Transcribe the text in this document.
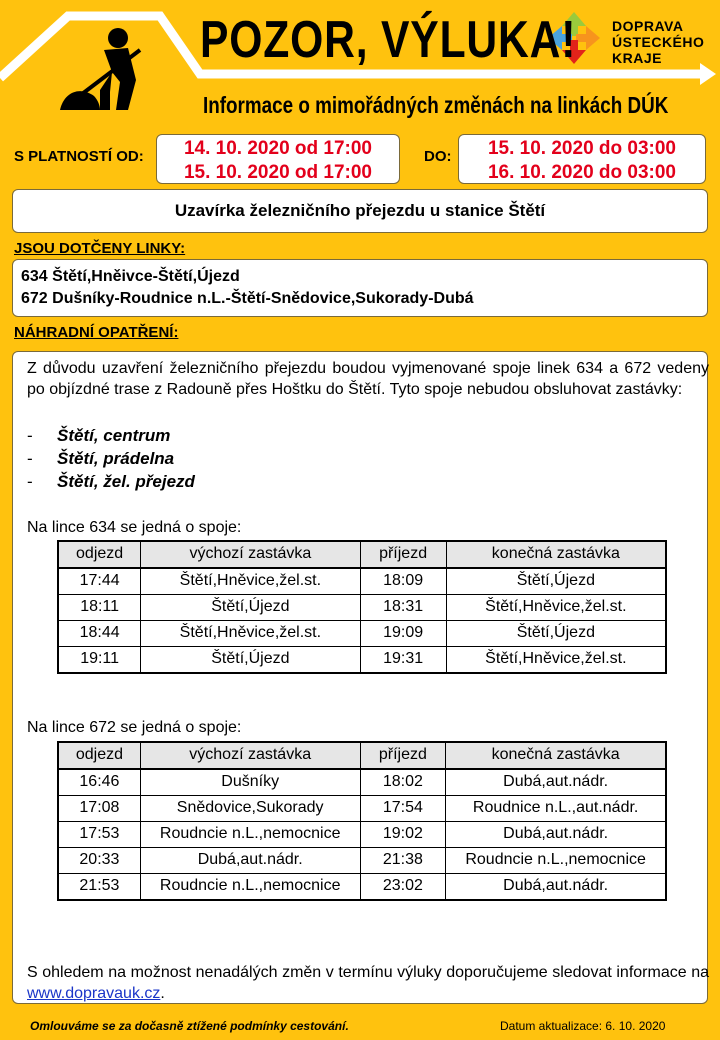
POZOR, VÝLUKA!
Informace o mimořádných změnách na linkách DÚK
DOPRAVA
ÚSTECKÉHO
KRAJE
S PLATNOSTÍ OD:	14. 10. 2020 od 17:00
15. 10. 2020 od 17:00
DO:	15. 10. 2020 do 03:00
16. 10. 2020 do 03:00
Uzavírka železničního přejezdu u stanice Štětí
JSOU DOTČENY LINKY:
634 Štětí,Hněivce-Štětí,Újezd
672 Dušníky-Roudnice n.L.-Štětí-Snědovice,Sukorady-Dubá
NÁHRADNÍ OPATŘENÍ:
Z důvodu uzavření železničního přejezdu boudou vyjmenované spoje linek 634 a 672 vedeny po objízdné trase z Radouně přes Hoštku do Štětí. Tyto spoje nebudou obsluhovat zastávky:
- Štětí, centrum
- Štětí, prádelna
- Štětí, žel. přejezd
Na lince 634 se jedná o spoje:
odjezd	výchozí zastávka	příjezd	konečná zastávka
17:44	Štětí,Hněvice,žel.st.	18:09	Štětí,Újezd
18:11	Štětí,Újezd	18:31	Štětí,Hněvice,žel.st.
18:44	Štětí,Hněvice,žel.st.	19:09	Štětí,Újezd
19:11	Štětí,Újezd	19:31	Štětí,Hněvice,žel.st.
Na lince 672 se jedná o spoje:
odjezd	výchozí zastávka	příjezd	konečná zastávka
16:46	Dušníky	18:02	Dubá,aut.nádr.
17:08	Snědovice,Sukorady	17:54	Roudnice n.L.,aut.nádr.
17:53	Roudncie n.L.,nemocnice	19:02	Dubá,aut.nádr.
20:33	Dubá,aut.nádr.	21:38	Roudncie n.L.,nemocnice
21:53	Roudncie n.L.,nemocnice	23:02	Dubá,aut.nádr.
S ohledem na možnost nenadálých změn v termínu výluky doporučujeme sledovat informace na www.dopravauk.cz.
Omlouváme se za dočasně ztížené podmínky cestování.	Datum aktualizace: 6. 10. 2020
